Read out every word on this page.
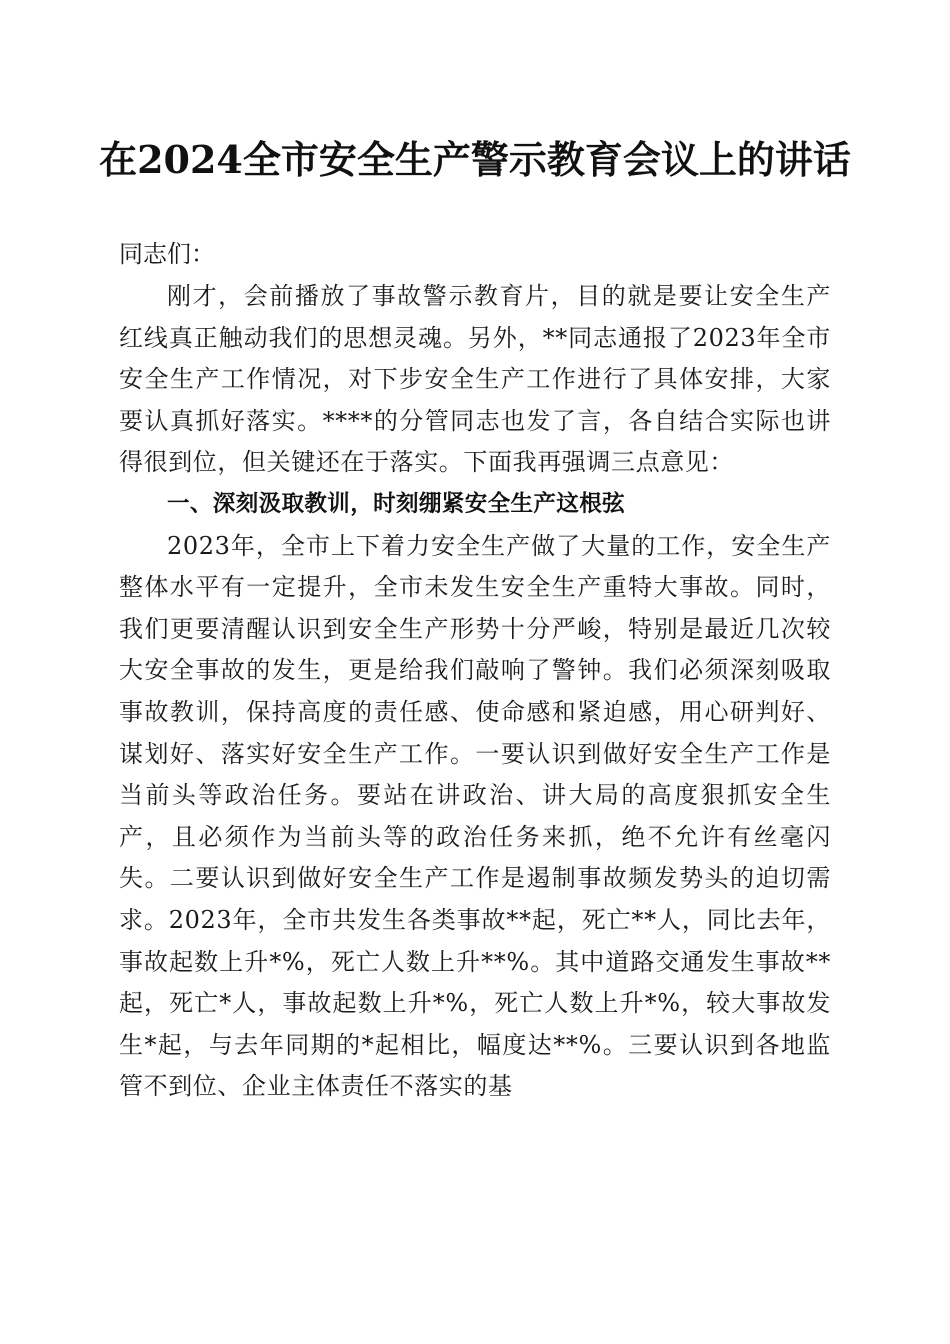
在2024全市安全生产警示教育会议上的讲话
同志们：

刚才，会前播放了事故警示教育片，目的就是要让安全生产红线真正触动我们的思想灵魂。另外，**同志通报了2023年全市安全生产工作情况，对下步安全生产工作进行了具体安排，大家要认真抓好落实。****的分管同志也发了言，各自结合实际也讲得很到位，但关键还在于落实。下面我再强调三点意见：

一、深刻汲取教训，时刻绷紧安全生产这根弦

2023年，全市上下着力安全生产做了大量的工作，安全生产整体水平有一定提升，全市未发生安全生产重特大事故。同时，我们更要清醒认识到安全生产形势十分严峻，特别是最近几次较大安全事故的发生，更是给我们敲响了警钟。我们必须深刻吸取事故教训，保持高度的责任感、使命感和紧迫感，用心研判好、谋划好、落实好安全生产工作。一要认识到做好安全生产工作是当前头等政治任务。要站在讲政治、讲大局的高度狠抓安全生产，且必须作为当前头等的政治任务来抓，绝不允许有丝毫闪失。二要认识到做好安全生产工作是遏制事故频发势头的迫切需求。2023年，全市共发生各类事故**起，死亡**人，同比去年，事故起数上升*%，死亡人数上升**%。其中道路交通发生事故**起，死亡*人，事故起数上升*%，死亡人数上升*%，较大事故发生*起，与去年同期的*起相比，幅度达**%。三要认识到各地监管不到位、企业主体责任不落实的基
